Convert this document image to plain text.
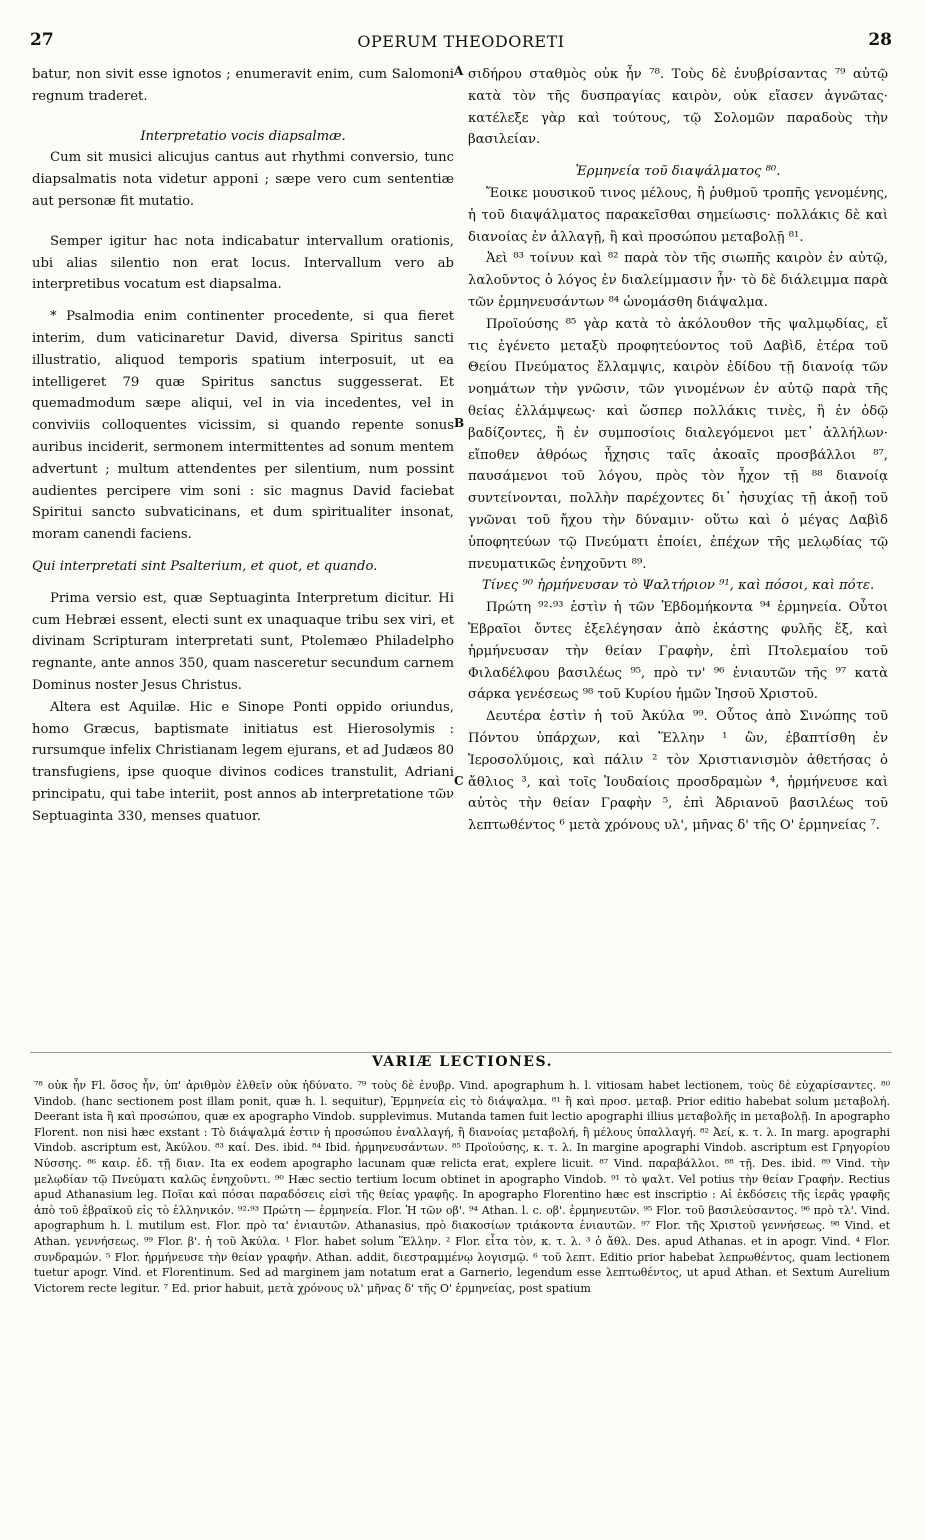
27	OPERUM THEODORETI	28

batur, non sivit esse ignotos ; enumeravit enim, cum Salomoni regnum traderet.

Interpretatio vocis diapsalmæ.

Cum sit musici alicujus cantus aut rhythmi conversio, tunc diapsalmatis nota videtur apponi ; sæpe vero cum sententiæ aut personæ fit mutatio.

Semper igitur hac nota indicabatur intervallum orationis, ubi alias silentio non erat locus. Intervallum vero ab interpretibus vocatum est diapsalma.

* Psalmodia enim continenter procedente, si qua fieret interim, dum vaticinaretur David, diversa Spiritus sancti illustratio, aliquod temporis spatium interposuit, ut ea intelligeret 79 quæ Spiritus sanctus suggesserat. Et quemadmodum sæpe aliqui, vel in via incedentes, vel in conviviis colloquentes vicissim, si quando repente sonus auribus inciderit, sermonem intermittentes ad sonum mentem advertunt ; multum attendentes per silentium, num possint audientes percipere vim soni : sic magnus David faciebat Spiritui sancto subvaticinans, et dum spiritualiter insonat, moram canendi faciens.

Qui interpretati sint Psalterium, et quot, et quando.

Prima versio est, quæ Septuaginta Interpretum dicitur. Hi cum Hebræi essent, electi sunt ex unaquaque tribu sex viri, et divinam Scripturam interpretati sunt, Ptolemæo Philadelpho regnante, ante annos 350, quam nasceretur secundum carnem Dominus noster Jesus Christus.

Altera est Aquilæ. Hic e Sinope Ponti oppido oriundus, homo Græcus, baptismate initiatus est Hierosolymis : rursumque infelix Christianam legem ejurans, et ad Judæos 80 transfugiens, ipse quoque divinos codices transtulit, Adriani principatu, qui tabe interiit, post annos ab interpretatione τῶν Septuaginta 330, menses quatuor.

A
B
C

σιδήρου σταθμὸς οὐκ ἦν ⁷⁸. Τοὺς δὲ ἐνυβρίσαντας ⁷⁹ αὐτῷ κατὰ τὸν τῆς δυσπραγίας καιρὸν, οὐκ εἴασεν ἀγνῶτας· κατέλεξε γὰρ καὶ τούτους, τῷ Σολομῶν παραδοὺς τὴν βασιλείαν.

Ἑρμηνεία τοῦ διαψάλματος ⁸⁰.

Ἔοικε μουσικοῦ τινος μέλους, ἢ ῥυθμοῦ τροπῆς γενομένης, ἡ τοῦ διαψάλματος παρακεῖσθαι σημείωσις· πολλάκις δὲ καὶ διανοίας ἐν ἀλλαγῇ, ἢ καὶ προσώπου μεταβολῇ ⁸¹.

Ἀεὶ ⁸³ τοίνυν καὶ ⁸² παρὰ τὸν τῆς σιωπῆς καιρὸν ἐν αὐτῷ, λαλοῦντος ὁ λόγος ἐν διαλείμμασιν ἦν· τὸ δὲ διάλειμμα παρὰ τῶν ἑρμηνευσάντων ⁸⁴ ὠνομάσθη διάψαλμα.

Προϊούσης ⁸⁵ γὰρ κατὰ τὸ ἀκόλουθον τῆς ψαλμῳδίας, εἴ τις ἐγένετο μεταξὺ προφητεύοντος τοῦ Δαβὶδ, ἑτέρα τοῦ Θείου Πνεύματος ἔλλαμψις, καιρὸν ἐδίδου τῇ διανοίᾳ τῶν νοημάτων τὴν γνῶσιν, τῶν γινομένων ἐν αὐτῷ παρὰ τῆς θείας ἐλλάμψεως· καὶ ὥσπερ πολλάκις τινὲς, ἢ ἐν ὁδῷ βαδίζοντες, ἢ ἐν συμποσίοις διαλεγόμενοι μετ᾽ ἀλλήλων· εἴποθεν ἀθρόως ἦχησις ταῖς ἀκοαῖς προσβάλλοι ⁸⁷, παυσάμενοι τοῦ λόγου, πρὸς τὸν ἦχον τῇ ⁸⁸ διανοίᾳ συντείνονται, πολλὴν παρέχοντες δι᾽ ἡσυχίας τῇ ἀκοῇ τοῦ γνῶναι τοῦ ἤχου τὴν δύναμιν· οὕτω καὶ ὁ μέγας Δαβὶδ ὑποφητεύων τῷ Πνεύματι ἐποίει, ἐπέχων τῆς μελῳδίας τῷ πνευματικῶς ἐνηχοῦντι ⁸⁹.

Τίνες ⁹⁰ ἡρμήνευσαν τὸ Ψαλτήριον ⁹¹, καὶ πόσοι, καὶ πότε.

Πρώτη ⁹²·⁹³ ἐστὶν ἡ τῶν Ἑβδομήκοντα ⁹⁴ ἑρμηνεία. Οὗτοι Ἑβραῖοι ὄντες ἐξελέγησαν ἀπὸ ἑκάστης φυλῆς ἕξ, καὶ ἡρμήνευσαν τὴν θείαν Γραφὴν, ἐπὶ Πτολεμαίου τοῦ Φιλαδέλφου βασιλέως ⁹⁵, πρὸ τν' ⁹⁶ ἐνιαυτῶν τῆς ⁹⁷ κατὰ σάρκα γενέσεως ⁹⁸ τοῦ Κυρίου ἡμῶν Ἰησοῦ Χριστοῦ.

Δευτέρα ἐστὶν ἡ τοῦ Ἀκύλα ⁹⁹. Οὗτος ἀπὸ Σινώπης τοῦ Πόντου ὑπάρχων, καὶ Ἕλλην ¹ ὢν, ἐβαπτίσθη ἐν Ἱεροσολύμοις, καὶ πάλιν ² τὸν Χριστιανισμὸν ἀθετήσας ὁ ἄθλιος ³, καὶ τοῖς Ἰουδαίοις προσδραμὼν ⁴, ἡρμήνευσε καὶ αὐτὸς τὴν θείαν Γραφὴν ⁵, ἐπὶ Ἀδριανοῦ βασιλέως τοῦ λεπτωθέντος ⁶ μετὰ χρόνους υλ', μῆνας δ' τῆς Ο' ἑρμηνείας ⁷.

VARIÆ LECTIONES.

⁷⁸ οὐκ ἦν Fl. ὅσος ἦν, ὑπ' ἀριθμὸν ἐλθεῖν οὐκ ἠδύνατο. ⁷⁹ τοὺς δὲ ἐνυβρ. Vind. apographum h. l. vitiosam habet lectionem, τοὺς δὲ εὐχαρίσαντες. ⁸⁰ Vindob. (hanc sectionem post illam ponit, quæ h. l. sequitur), Ἑρμηνεία εἰς τὸ διάψαλμα. ⁸¹ ἢ καὶ προσ. μεταβ. Prior editio habebat solum μεταβολή. Deerant ista ἢ καὶ προσώπου, quæ ex apographo Vindob. supplevimus. Mutanda tamen fuit lectio apographi illius μεταβολῆς in μεταβολῇ. In apographo Florent. non nisi hæc exstant : Τὸ διάψαλμά ἐστιν ἡ προσώπου ἐναλλαγή, ἢ διανοίας μεταβολή, ἢ μέλους ὑπαλλαγή. ⁸² Ἀεί, κ. τ. λ. In marg. apographi Vindob. ascriptum est, Ἀκύλου. ⁸³ καί. Des. ibid. ⁸⁴ Ibid. ἡρμηνευσάντων. ⁸⁵ Προϊούσης, κ. τ. λ. In margine apographi Vindob. ascriptum est Γρηγορίου Νύσσης. ⁸⁶ καιρ. ἐδ. τῇ διαν. Ita ex eodem apographo lacunam quæ relicta erat, explere licuit. ⁸⁷ Vind. παραβάλλοι. ⁸⁸ τῇ. Des. ibid. ⁸⁹ Vind. τὴν μελῳδίαν τῷ Πνεύματι καλῶς ἐνηχοῦντι. ⁹⁰ Hæc sectio tertium locum obtinet in apographo Vindob. ⁹¹ τὸ ψαλτ. Vel potius τὴν θείαν Γραφήν. Rectius apud Athanasium leg. Ποῖαι καὶ πόσαι παραδόσεις εἰσὶ τῆς θείας γραφῆς. In apographo Florentino hæc est inscriptio : Αἱ ἐκδόσεις τῆς ἱερᾶς γραφῆς ἀπὸ τοῦ ἑβραϊκοῦ εἰς τὸ ἑλληνικόν. ⁹²·⁹³ Πρώτη — ἑρμηνεία. Flor. Ἡ τῶν οβ'. ⁹⁴ Athan. l. c. οβ'. ἑρμηνευτῶν. ⁹⁵ Flor. τοῦ βασιλεύσαντος. ⁹⁶ πρὸ τλ'. Vind. apographum h. l. mutilum est. Flor. πρὸ τα' ἐνιαυτῶν. Athanasius, πρὸ διακοσίων τριάκοντα ἐνιαυτῶν. ⁹⁷ Flor. τῆς Χριστοῦ γεννήσεως. ⁹⁸ Vind. et Athan. γεννήσεως. ⁹⁹ Flor. β'. ἡ τοῦ Ἀκύλα. ¹ Flor. habet solum Ἕλλην. ² Flor. εἶτα τὸν, κ. τ. λ. ³ ὁ ἄθλ. Des. apud Athanas. et in apogr. Vind. ⁴ Flor. συνδραμών. ⁵ Flor. ἡρμήνευσε τὴν θείαν γραφήν. Athan. addit, διεστραμμένῳ λογισμῷ. ⁶ τοῦ λεπτ. Editio prior habebat λεπρωθέντος, quam lectionem tuetur apogr. Vind. et Florentinum. Sed ad marginem jam notatum erat a Garnerio, legendum esse λεπτωθέντος, ut apud Athan. et Sextum Aurelium Victorem recte legitur. ⁷ Ed. prior habuit, μετὰ χρόνους υλ' μῆνας δ' τῆς Ο' ἑρμηνείας, post spatium
